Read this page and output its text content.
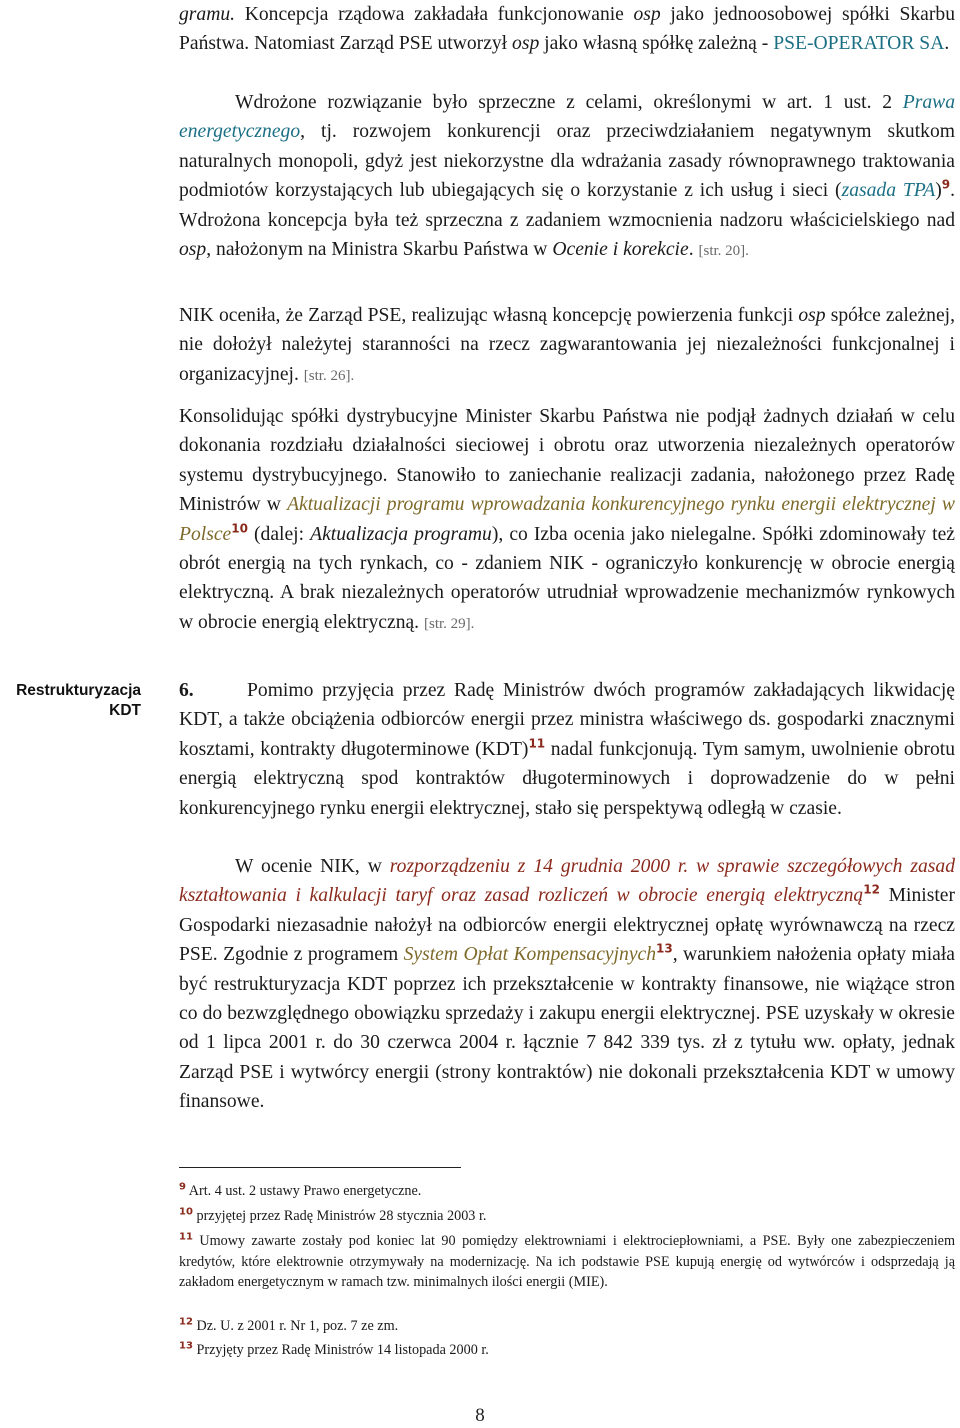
gramu. Koncepcja rządowa zakładała funkcjonowanie osp jako jednoosobowej spółki Skarbu Państwa. Natomiast Zarząd PSE utworzył osp jako własną spółkę zależną - PSE-OPERATOR SA.

Wdrożone rozwiązanie było sprzeczne z celami, określonymi w art. 1 ust. 2 Prawa energetycznego, tj. rozwojem konkurencji oraz przeciwdziałaniem negatywnym skutkom naturalnych monopoli, gdyż jest niekorzystne dla wdrażania zasady równoprawnego traktowania podmiotów korzystających lub ubiegających się o korzystanie z ich usług i sieci (zasada TPA)$^9$. Wdrożona koncepcja była też sprzeczna z zadaniem wzmocnienia nadzoru właścicielskiego nad osp, nałożonym na Ministra Skarbu Państwa w Ocenie i korekcie. [str. 20].

NIK oceniła, że Zarząd PSE, realizując własną koncepcję powierzenia funkcji osp spółce zależnej, nie dołożył należytej staranności na rzecz zagwarantowania jej niezależności funkcjonalnej i organizacyjnej. [str. 26].

Konsolidując spółki dystrybucyjne Minister Skarbu Państwa nie podjął żadnych działań w celu dokonania rozdziału działalności sieciowej i obrotu oraz utworzenia niezależnych operatorów systemu dystrybucyjnego. Stanowiło to zaniechanie realizacji zadania, nałożonego przez Radę Ministrów w Aktualizacji programu wprowadzania konkurencyjnego rynku energii elektrycznej w Polsce$^{10}$ (dalej: Aktualizacja programu), co Izba ocenia jako nielegalne. Spółki zdominowały też obrót energią na tych rynkach, co - zdaniem NIK - ograniczyło konkurencję w obrocie energią elektryczną. A brak niezależnych operatorów utrudniał wprowadzenie mechanizmów rynkowych w obrocie energią elektryczną. [str. 29].

Restrukturyzacja
KDT

6.	Pomimo przyjęcia przez Radę Ministrów dwóch programów zakładających likwidację KDT, a także obciążenia odbiorców energii przez ministra właściwego ds. gospodarki znacznymi kosztami, kontrakty długoterminowe (KDT)$^{11}$ nadal funkcjonują. Tym samym, uwolnienie obrotu energią elektryczną spod kontraktów długoterminowych i doprowadzenie do w pełni konkurencyjnego rynku energii elektrycznej, stało się perspektywą odległą w czasie.

W ocenie NIK, w rozporządzeniu z 14 grudnia 2000 r. w sprawie szczegółowych zasad kształtowania i kalkulacji taryf oraz zasad rozliczeń w obrocie energią elektryczną$^{12}$ Minister Gospodarki niezasadnie nałożył na odbiorców energii elektrycznej opłatę wyrównawczą na rzecz PSE. Zgodnie z programem System Opłat Kompensacyjnych$^{13}$, warunkiem nałożenia opłaty miała być restrukturyzacja KDT poprzez ich przekształcenie w kontrakty finansowe, nie wiążące stron co do bezwzględnego obowiązku sprzedaży i zakupu energii elektrycznej. PSE uzyskały w okresie od 1 lipca 2001 r. do 30 czerwca 2004 r. łącznie 7 842 339 tys. zł z tytułu ww. opłaty, jednak Zarząd PSE i wytwórcy energii (strony kontraktów) nie dokonali przekształcenia KDT w umowy finansowe.

$^9$ Art. 4 ust. 2 ustawy Prawo energetyczne.

$^{10}$ przyjętej przez Radę Ministrów 28 stycznia 2003 r.

$^{11}$ Umowy zawarte zostały pod koniec lat 90 pomiędzy elektrowniami i elektrociepłowniami, a PSE. Były one zabezpieczeniem kredytów, które elektrownie otrzymywały na modernizację. Na ich podstawie PSE kupują energię od wytwórców i odsprzedają ją zakładom energetycznym w ramach tzw. minimalnych ilości energii (MIE).

$^{12}$ Dz. U. z 2001 r. Nr 1, poz. 7 ze zm.

$^{13}$ Przyjęty przez Radę Ministrów 14 listopada 2000 r.

8
